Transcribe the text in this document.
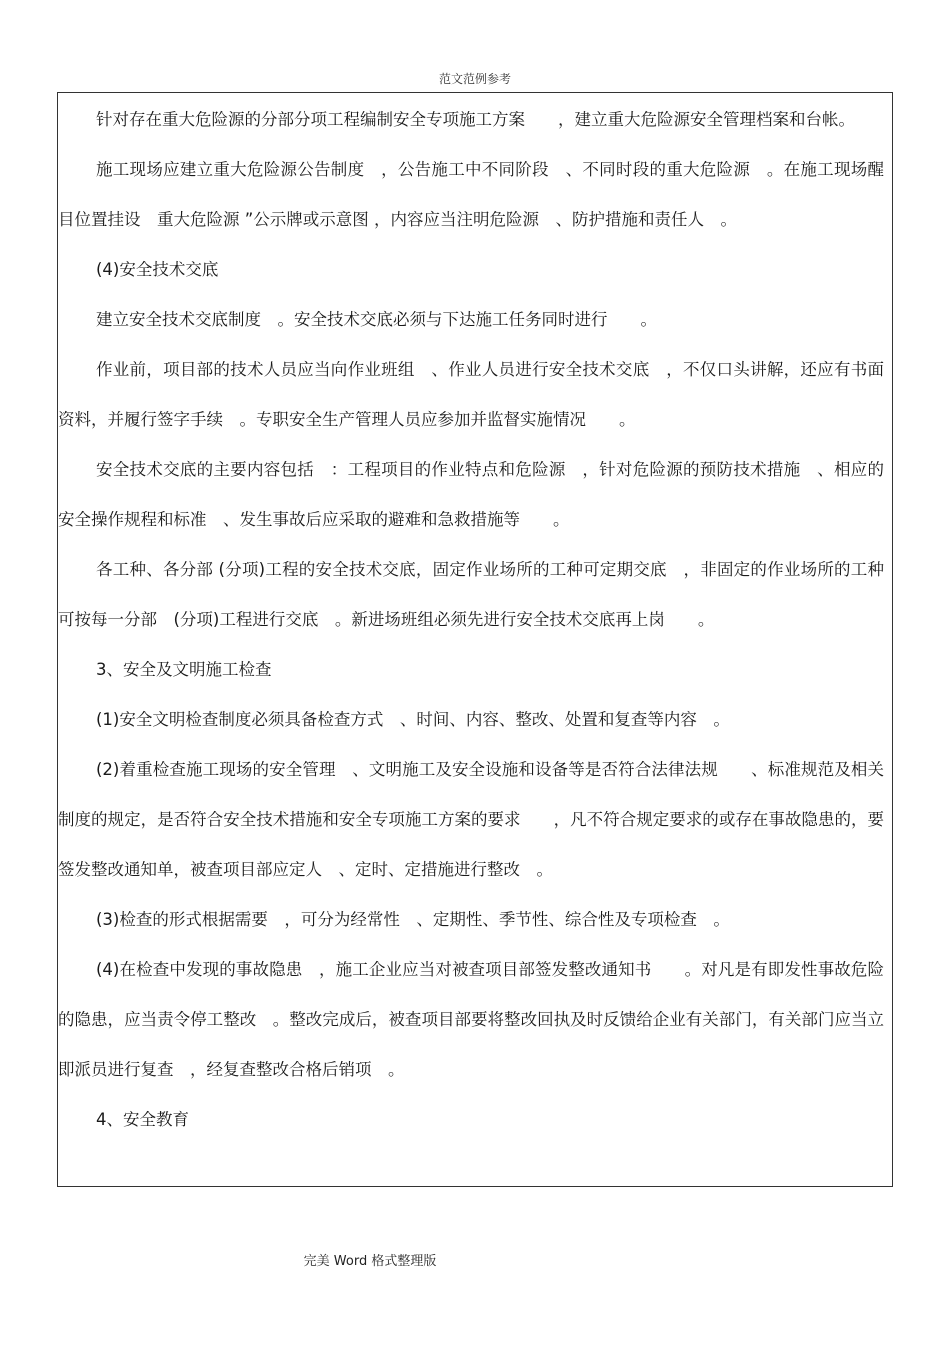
范文范例参考

针对存在重大危险源的分部分项工程编制安全专项施工方案　　，建立重大危险源安全管理档案和台帐。

施工现场应建立重大危险源公告制度　，公告施工中不同阶段　、不同时段的重大危险源　。在施工现场醒目位置挂设　重大危险源 ”公示牌或示意图 ，内容应当注明危险源　、防护措施和责任人　。

(4)安全技术交底

建立安全技术交底制度　。安全技术交底必须与下达施工任务同时进行　　。

作业前，项目部的技术人员应当向作业班组　、作业人员进行安全技术交底　，不仅口头讲解，还应有书面资料，并履行签字手续　。专职安全生产管理人员应参加并监督实施情况　　。

安全技术交底的主要内容包括　：工程项目的作业特点和危险源　，针对危险源的预防技术措施　、相应的安全操作规程和标准　、发生事故后应采取的避难和急救措施等　　。

各工种、各分部 (分项)工程的安全技术交底，固定作业场所的工种可定期交底　，非固定的作业场所的工种可按每一分部　(分项)工程进行交底　。新进场班组必须先进行安全技术交底再上岗　　。

3、安全及文明施工检查

(1)安全文明检查制度必须具备检查方式　、时间、内容、整改、处置和复查等内容　。

(2)着重检查施工现场的安全管理　、文明施工及安全设施和设备等是否符合法律法规　　、标准规范及相关制度的规定，是否符合安全技术措施和安全专项施工方案的要求　　，凡不符合规定要求的或存在事故隐患的，要签发整改通知单，被查项目部应定人　、定时、定措施进行整改　。

(3)检查的形式根据需要　，可分为经常性　、定期性、季节性、综合性及专项检查　。

(4)在检查中发现的事故隐患　，施工企业应当对被查项目部签发整改通知书　　。对凡是有即发性事故危险的隐患，应当责令停工整改　。整改完成后，被查项目部要将整改回执及时反馈给企业有关部门，有关部门应当立即派员进行复查　，经复查整改合格后销项　。

4、安全教育

完美 Word 格式整理版
